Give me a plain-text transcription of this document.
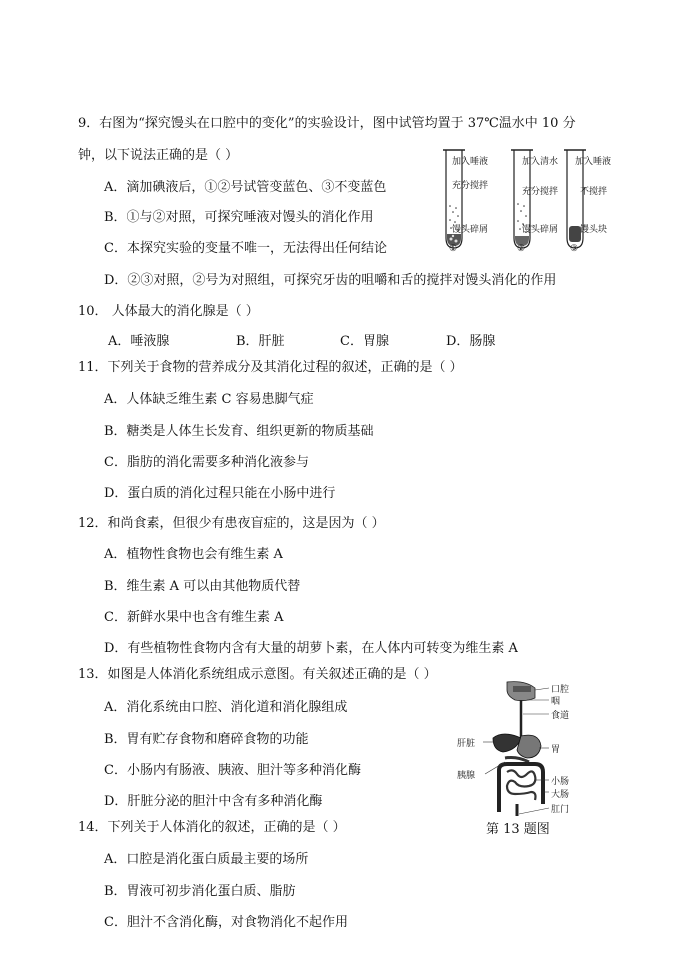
9．右图为“探究馒头在口腔中的变化”的实验设计，图中试管均置于 37℃温水中 10 分
钟，以下说法正确的是（ ）
A．滴加碘液后，①②号试管变蓝色、③不变蓝色
B．①与②对照，可探究唾液对馒头的消化作用
C．本探究实验的变量不唯一，无法得出任何结论
D．②③对照，②号为对照组，可探究牙齿的咀嚼和舌的搅拌对馒头消化的作用
加入唾液
充分搅拌
馒头碎屑
①
加入清水
充分搅拌
馒头碎屑
②
加入唾液
不搅拌
馒头块
③
10． 人体最大的消化腺是（ ）
A．唾液腺	B．肝脏	C．胃腺	D．肠腺
11．下列关于食物的营养成分及其消化过程的叙述，正确的是（ ）
A．人体缺乏维生素 C 容易患脚气症
B．糖类是人体生长发育、组织更新的物质基础
C．脂肪的消化需要多种消化液参与
D．蛋白质的消化过程只能在小肠中进行
12．和尚食素，但很少有患夜盲症的，这是因为（ ）
A．植物性食物也会有维生素 A
B．维生素 A 可以由其他物质代替
C．新鲜水果中也含有维生素 A
D．有些植物性食物内含有大量的胡萝卜素，在人体内可转变为维生素 A
13．如图是人体消化系统组成示意图。有关叙述正确的是（ ）
A．消化系统由口腔、消化道和消化腺组成
B．胃有贮存食物和磨碎食物的功能
C．小肠内有肠液、胰液、胆汁等多种消化酶
D．肝脏分泌的胆汁中含有多种消化酶
口腔
咽
食道
肝脏
胃
胰腺
小肠
大肠
肛门
第 13 题图
14．下列关于人体消化的叙述，正确的是（ ）
A．口腔是消化蛋白质最主要的场所
B．胃液可初步消化蛋白质、脂肪
C．胆汁不含消化酶，对食物消化不起作用
